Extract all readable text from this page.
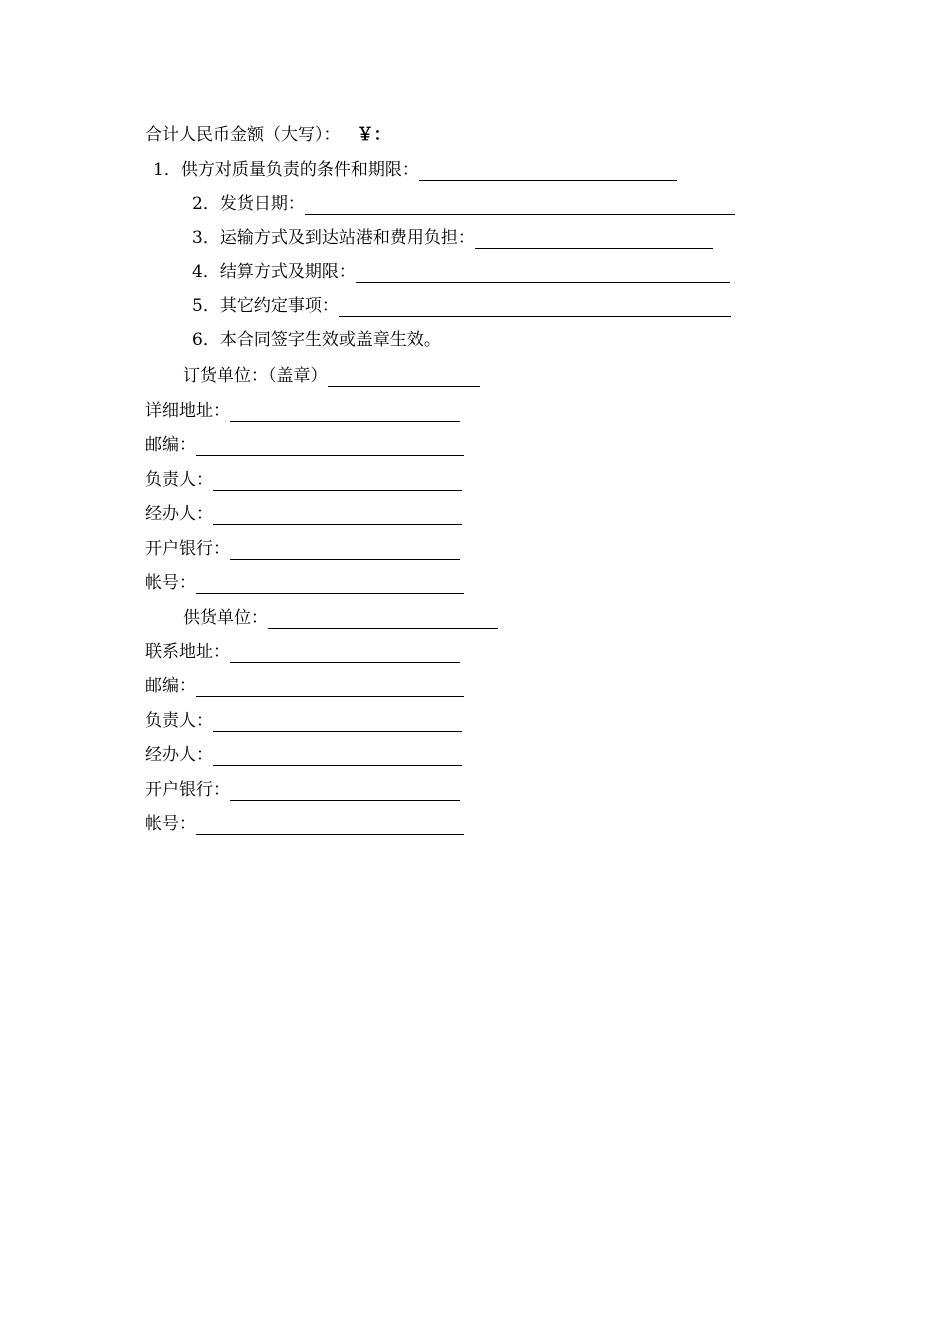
合计人民币金额（大写）： ￥：
1． 供方对质量负责的条件和期限：
2． 发货日期：
3． 运输方式及到达站港和费用负担：
4． 结算方式及期限：
5． 其它约定事项：
6． 本合同签字生效或盖章生效。
订货单位：（盖章）
详细地址：
邮编：
负责人：
经办人：
开户银行：
帐号：
供货单位：
联系地址：
邮编：
负责人：
经办人：
开户银行：
帐号：
